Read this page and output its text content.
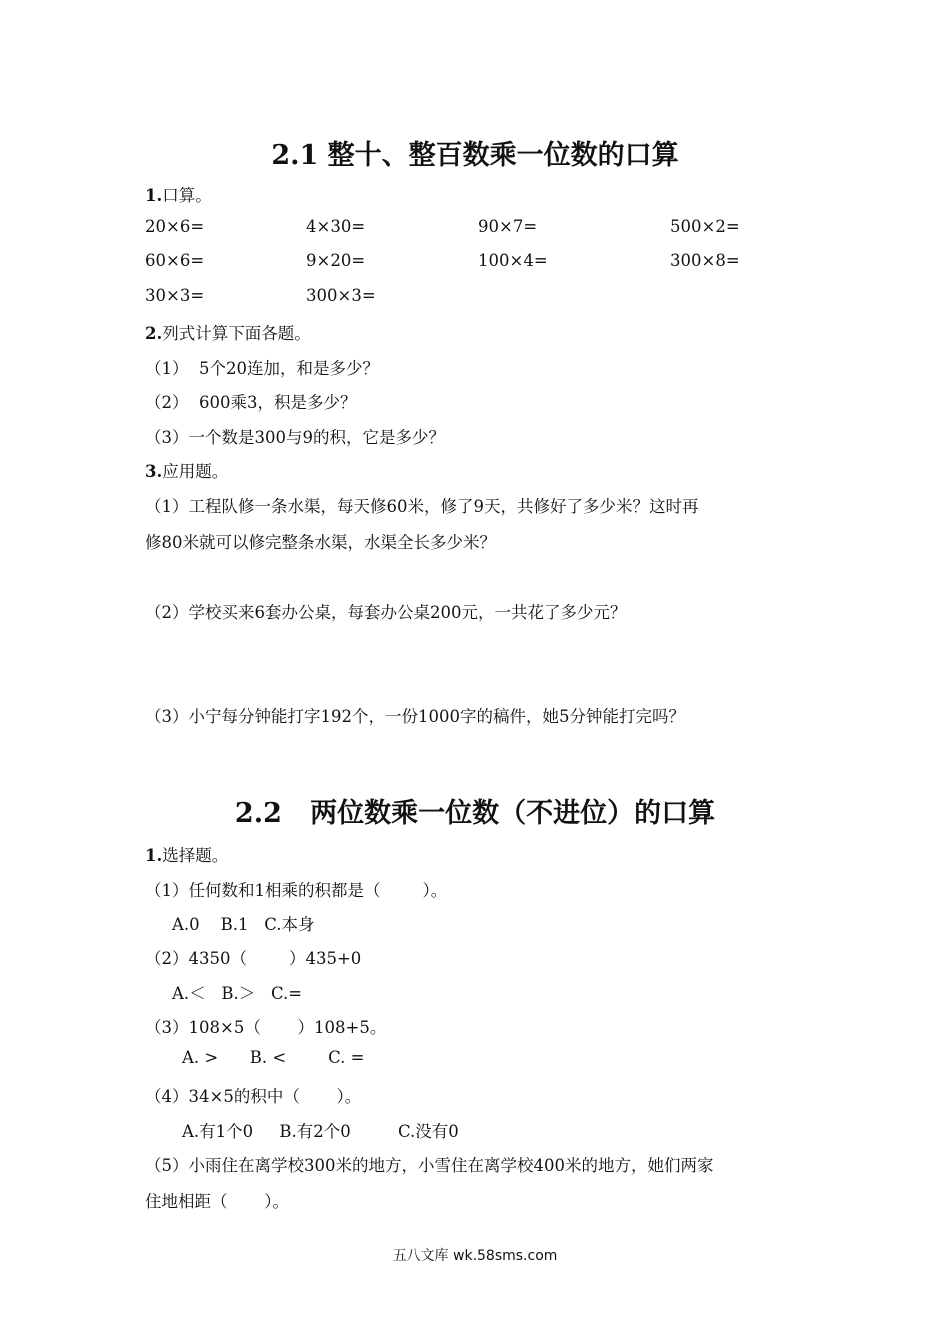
2.1 整十、整百数乘一位数的口算
1.口算。
20×6=	4×30=	90×7=	500×2=
60×6=	9×20=	100×4=	300×8=
30×3=	300×3=
2.列式计算下面各题。
（1）  5个20连加，和是多少？
（2）  600乘3，积是多少？
（3）一个数是300与9的积，它是多少？
3.应用题。
（1）工程队修一条水渠，每天修60米，修了9天，共修好了多少米？这时再
修80米就可以修完整条水渠，水渠全长多少米？
（2）学校买来6套办公桌，每套办公桌200元，一共花了多少元？
（3）小宁每分钟能打字192个，一份1000字的稿件，她5分钟能打完吗？
2.2   两位数乘一位数（不进位）的口算
1.选择题。
（1）任何数和1相乘的积都是（        ）。
A.0    B.1   C.本身
（2）4350（        ）435+0
A.＜   B.＞   C.=
（3）108×5（       ）108+5。
A. >      B. <        C. =
（4）34×5的积中（       ）。
A.有1个0     B.有2个0         C.没有0
（5）小雨住在离学校300米的地方，小雪住在离学校400米的地方，她们两家
住地相距（       ）。
五八文库 wk.58sms.com
